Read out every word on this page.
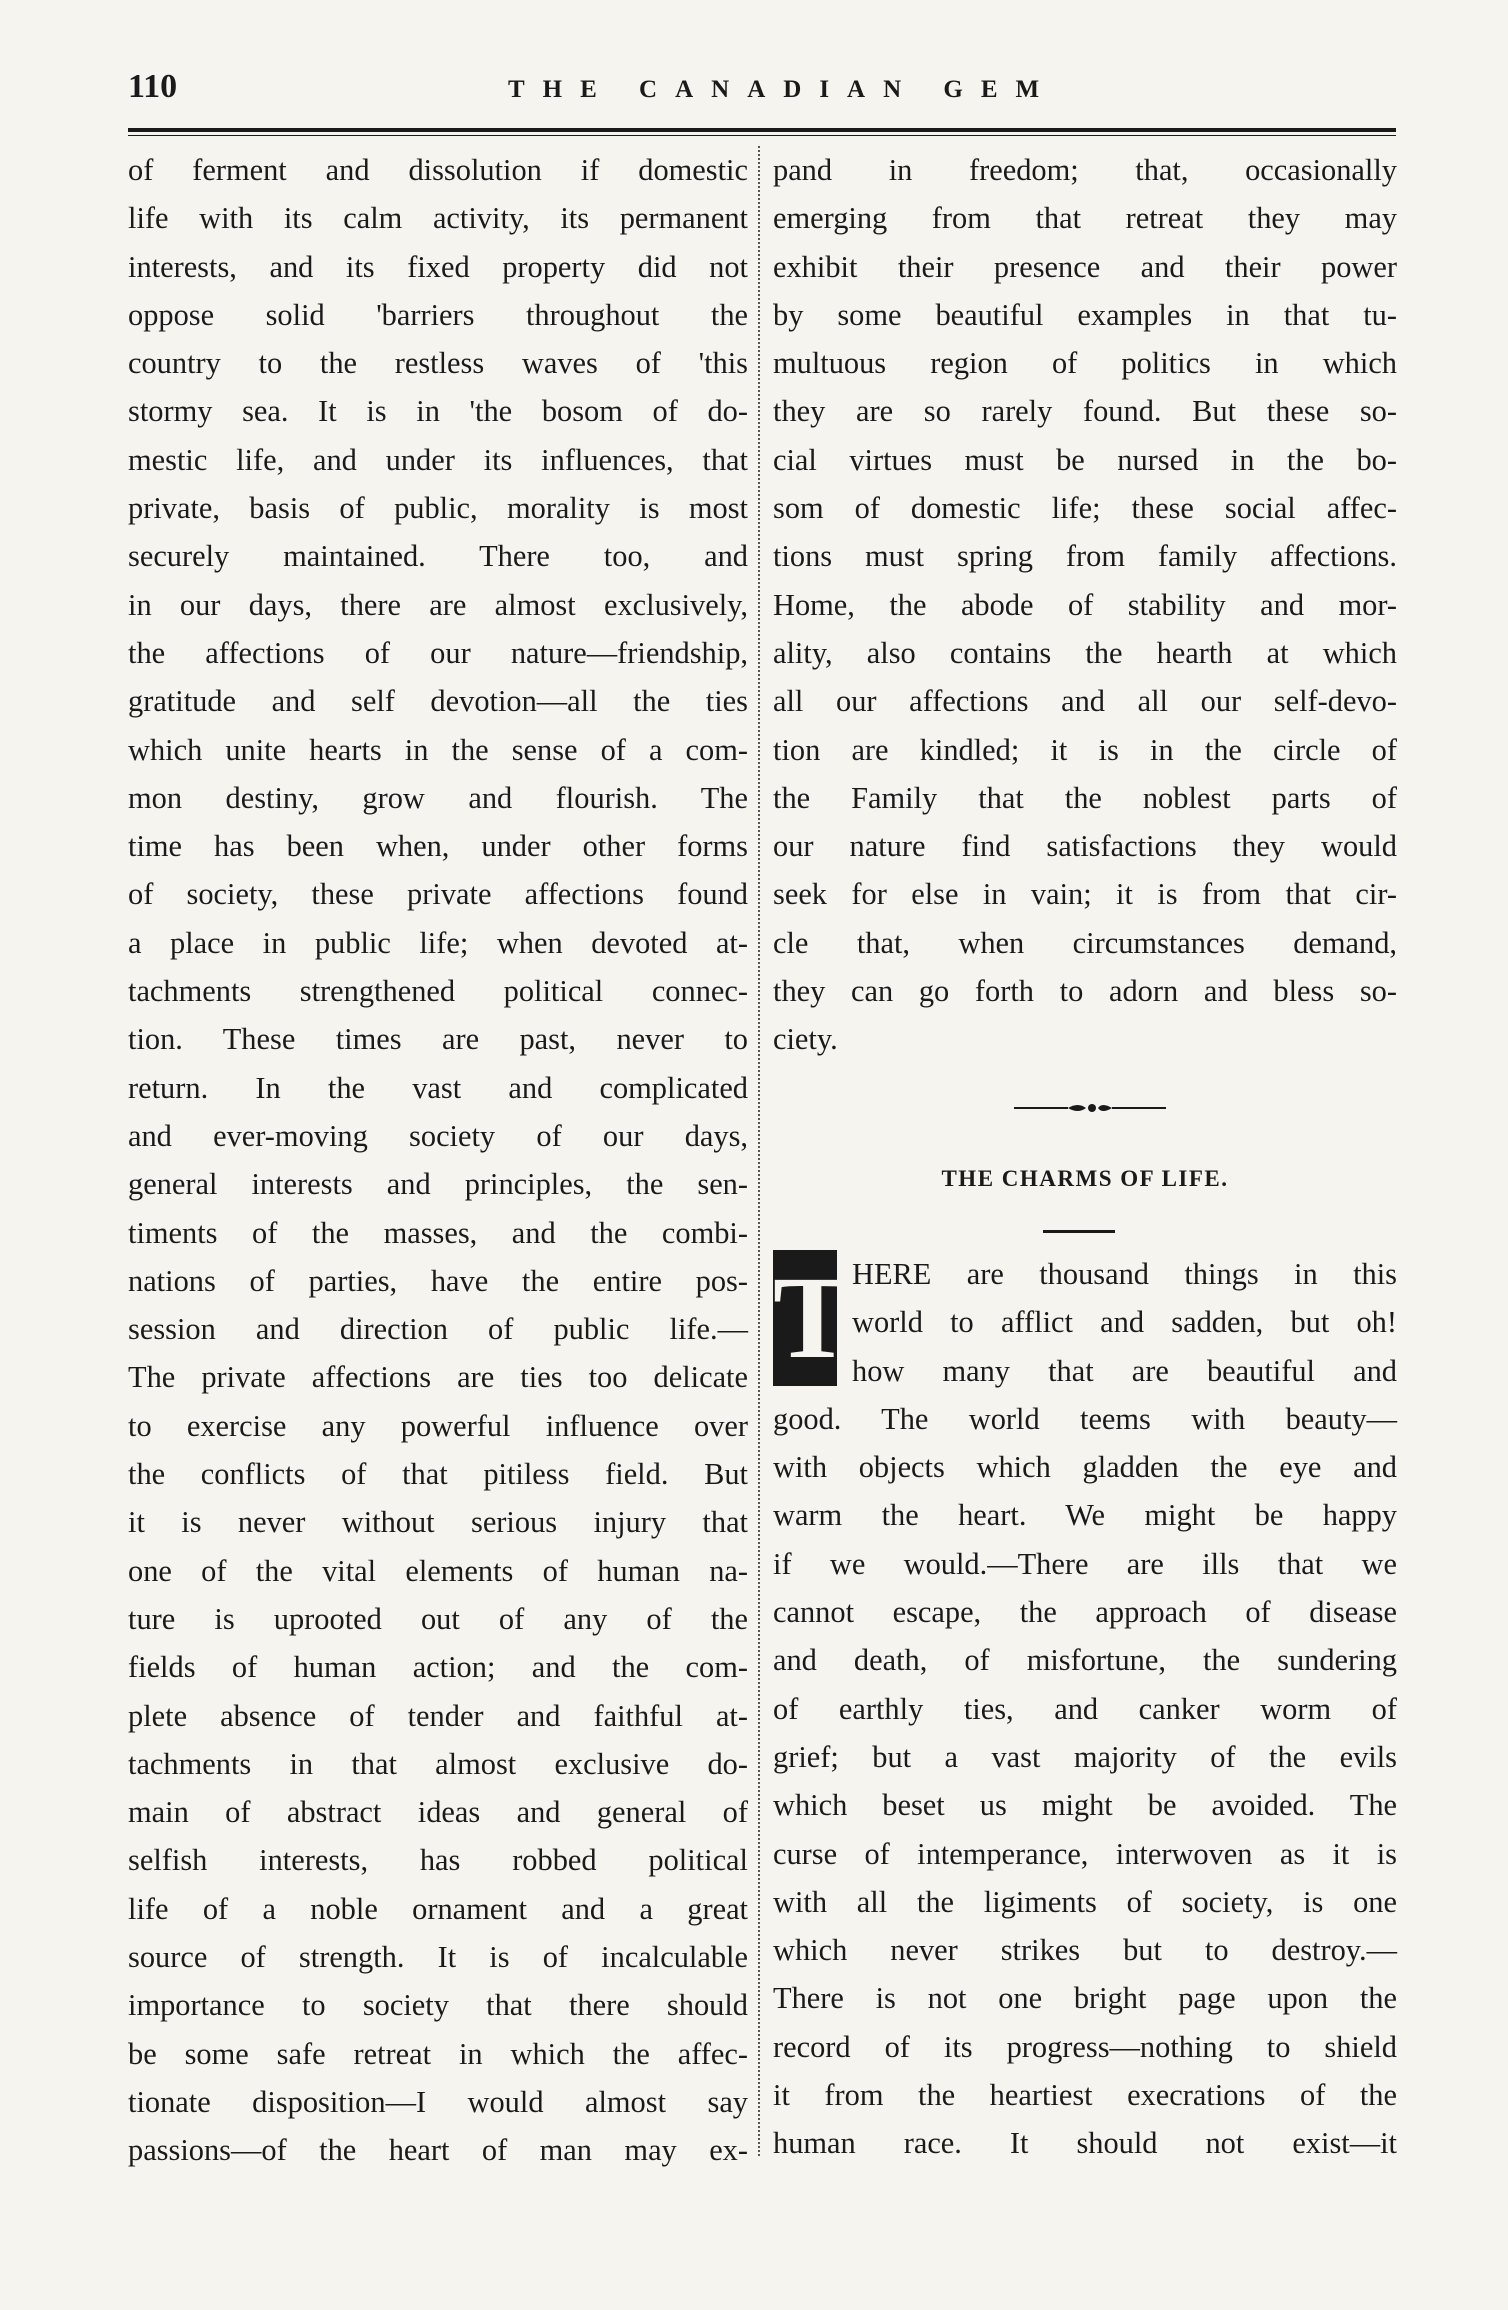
110	THE CANADIAN GEM
of ferment and dissolution if domestic
life with its calm activity, its permanent
interests, and its fixed property did not
oppose solid 'barriers throughout the
country to the restless waves of 'this
stormy sea. It is in 'the bosom of do-
mestic life, and under its influences, that
private, basis of public, morality is most
securely maintained. There too, and
in our days, there are almost exclusively,
the affections of our nature—friendship,
gratitude and self devotion—all the ties
which unite hearts in the sense of a com-
mon destiny, grow and flourish. The
time has been when, under other forms
of society, these private affections found
a place in public life; when devoted at-
tachments strengthened political connec-
tion. These times are past, never to
return. In the vast and complicated
and ever-moving society of our days,
general interests and principles, the sen-
timents of the masses, and the combi-
nations of parties, have the entire pos-
session and direction of public life.—
The private affections are ties too delicate
to exercise any powerful influence over
the conflicts of that pitiless field. But
it is never without serious injury that
one of the vital elements of human na-
ture is uprooted out of any of the
fields of human action; and the com-
plete absence of tender and faithful at-
tachments in that almost exclusive do-
main of abstract ideas and general of
selfish interests, has robbed political
life of a noble ornament and a great
source of strength. It is of incalculable
importance to society that there should
be some safe retreat in which the affec-
tionate disposition—I would almost say
passions—of the heart of man may ex-
pand in freedom; that, occasionally
emerging from that retreat they may
exhibit their presence and their power
by some beautiful examples in that tu-
multuous region of politics in which
they are so rarely found. But these so-
cial virtues must be nursed in the bo-
som of domestic life; these social affec-
tions must spring from family affections.
Home, the abode of stability and mor-
ality, also contains the hearth at which
all our affections and all our self-devo-
tion are kindled; it is in the circle of
the Family that the noblest parts of
our nature find satisfactions they would
seek for else in vain; it is from that cir-
cle that, when circumstances demand,
they can go forth to adorn and bless so-
ciety.
THE CHARMS OF LIFE.
T HERE are thousand things in this
world to afflict and sadden, but oh!
how many that are beautiful and
good. The world teems with beauty—
with objects which gladden the eye and
warm the heart. We might be happy
if we would.—There are ills that we
cannot escape, the approach of disease
and death, of misfortune, the sundering
of earthly ties, and canker worm of
grief; but a vast majority of the evils
which beset us might be avoided. The
curse of intemperance, interwoven as it is
with all the ligiments of society, is one
which never strikes but to destroy.—
There is not one bright page upon the
record of its progress—nothing to shield
it from the heartiest execrations of the
human race. It should not exist—it
